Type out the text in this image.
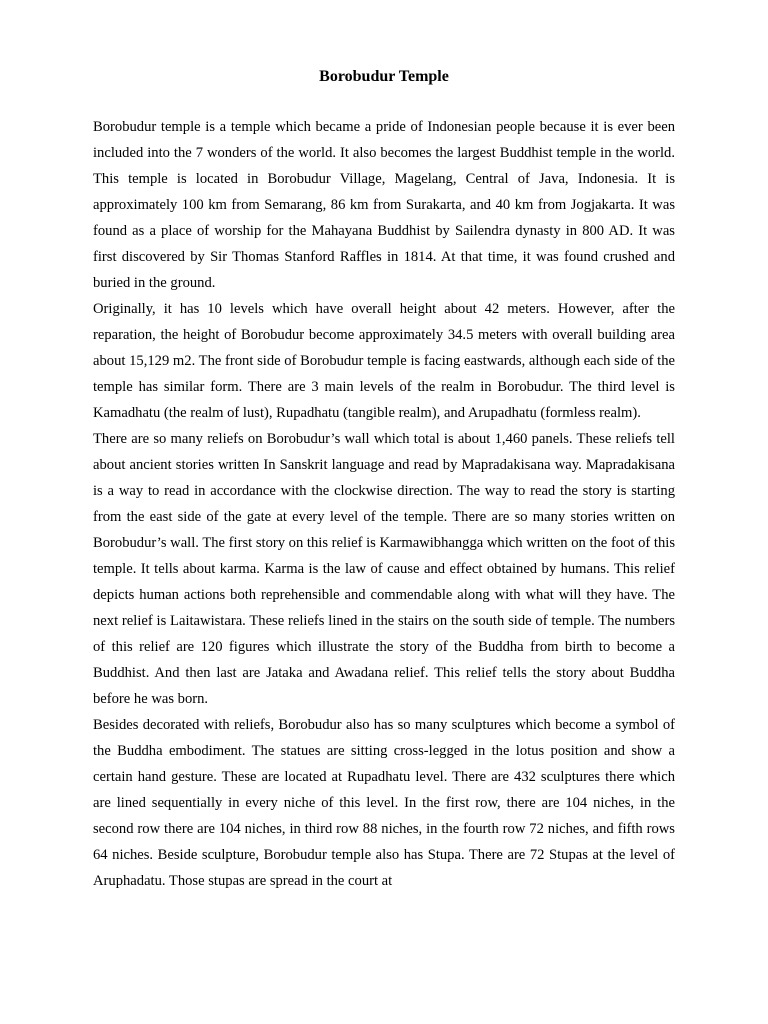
Borobudur Temple

Borobudur temple is a temple which became a pride of Indonesian people because it is ever been included into the 7 wonders of the world. It also becomes the largest Buddhist temple in the world. This temple is located in Borobudur Village, Magelang, Central of Java, Indonesia. It is approximately 100 km from Semarang, 86 km from Surakarta, and 40 km from Jogjakarta. It was found as a place of worship for the Mahayana Buddhist by Sailendra dynasty in 800 AD. It was first discovered by Sir Thomas Stanford Raffles in 1814. At that time, it was found crushed and buried in the ground.

Originally, it has 10 levels which have overall height about 42 meters. However, after the reparation, the height of Borobudur become approximately 34.5 meters with overall building area about 15,129 m2. The front side of Borobudur temple is facing eastwards, although each side of the temple has similar form. There are 3 main levels of the realm in Borobudur. The third level is Kamadhatu (the realm of lust), Rupadhatu (tangible realm), and Arupadhatu (formless realm).

There are so many reliefs on Borobudur’s wall which total is about 1,460 panels. These reliefs tell about ancient stories written In Sanskrit language and read by Mapradakisana way. Mapradakisana is a way to read in accordance with the clockwise direction. The way to read the story is starting from the east side of the gate at every level of the temple. There are so many stories written on Borobudur’s wall. The first story on this relief is Karmawibhangga which written on the foot of this temple. It tells about karma. Karma is the law of cause and effect obtained by humans. This relief depicts human actions both reprehensible and commendable along with what will they have. The next relief is Laitawistara. These reliefs lined in the stairs on the south side of temple. The numbers of this relief are 120 figures which illustrate the story of the Buddha from birth to become a Buddhist. And then last are Jataka and Awadana relief. This relief tells the story about Buddha before he was born.

Besides decorated with reliefs, Borobudur also has so many sculptures which become a symbol of the Buddha embodiment. The statues are sitting cross-legged in the lotus position and show a certain hand gesture. These are located at Rupadhatu level. There are 432 sculptures there which are lined sequentially in every niche of this level. In the first row, there are 104 niches, in the second row there are 104 niches, in third row 88 niches, in the fourth row 72 niches, and fifth rows 64 niches. Beside sculpture, Borobudur temple also has Stupa. There are 72 Stupas at the level of Aruphadatu. Those stupas are spread in the court at
